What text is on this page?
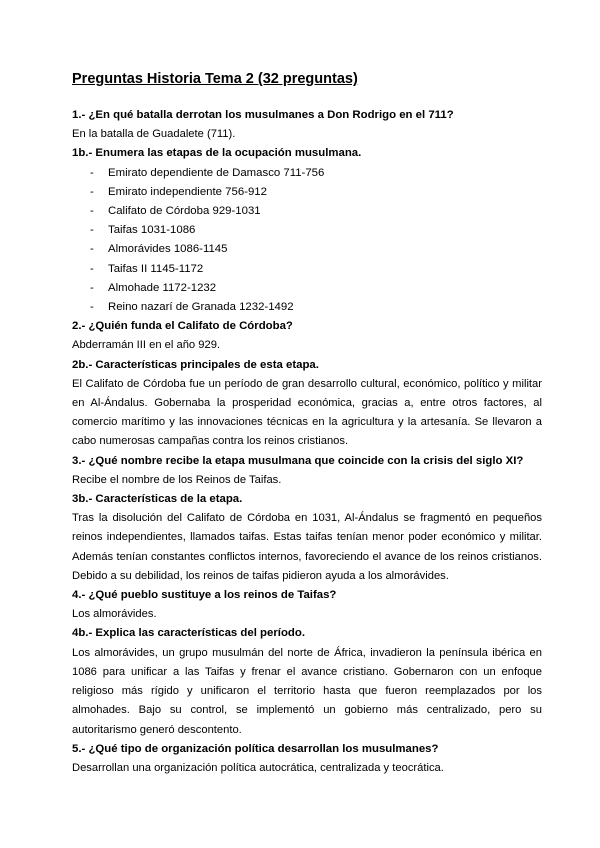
Preguntas Historia Tema 2 (32 preguntas)

1.- ¿En qué batalla derrotan los musulmanes a Don Rodrigo en el 711?

En la batalla de Guadalete (711).

1b.- Enumera las etapas de la ocupación musulmana.

- Emirato dependiente de Damasco 711-756
- Emirato independiente 756-912
- Califato de Córdoba 929-1031
- Taifas 1031-1086
- Almorávides 1086-1145
- Taifas II 1145-1172
- Almohade 1172-1232
- Reino nazarí de Granada 1232-1492

2.- ¿Quién funda el Califato de Córdoba?

Abderramán III en el año 929.

2b.- Características principales de esta etapa.

El Califato de Córdoba fue un período de gran desarrollo cultural, económico, político y militar en Al-Ándalus. Gobernaba la prosperidad económica, gracias a, entre otros factores, al comercio marítimo y las innovaciones técnicas en la agricultura y la artesanía. Se llevaron a cabo numerosas campañas contra los reinos cristianos.

3.- ¿Qué nombre recibe la etapa musulmana que coincide con la crisis del siglo XI?

Recibe el nombre de los Reinos de Taifas.

3b.- Características de la etapa.

Tras la disolución del Califato de Córdoba en 1031, Al-Ándalus se fragmentó en pequeños reinos independientes, llamados taifas. Estas taifas tenían menor poder económico y militar. Además tenían constantes conflictos internos, favoreciendo el avance de los reinos cristianos. Debido a su debilidad, los reinos de taifas pidieron ayuda a los almorávides.

4.- ¿Qué pueblo sustituye a los reinos de Taifas?

Los almorávides.

4b.- Explica las características del período.

Los almorávides, un grupo musulmán del norte de África, invadieron la península ibérica en 1086 para unificar a las Taifas y frenar el avance cristiano. Gobernaron con un enfoque religioso más rígido y unificaron el territorio hasta que fueron reemplazados por los almohades. Bajo su control, se implementó un gobierno más centralizado, pero su autoritarismo generó descontento.

5.- ¿Qué tipo de organización política desarrollan los musulmanes?

Desarrollan una organización política autocrática, centralizada y teocrática.
